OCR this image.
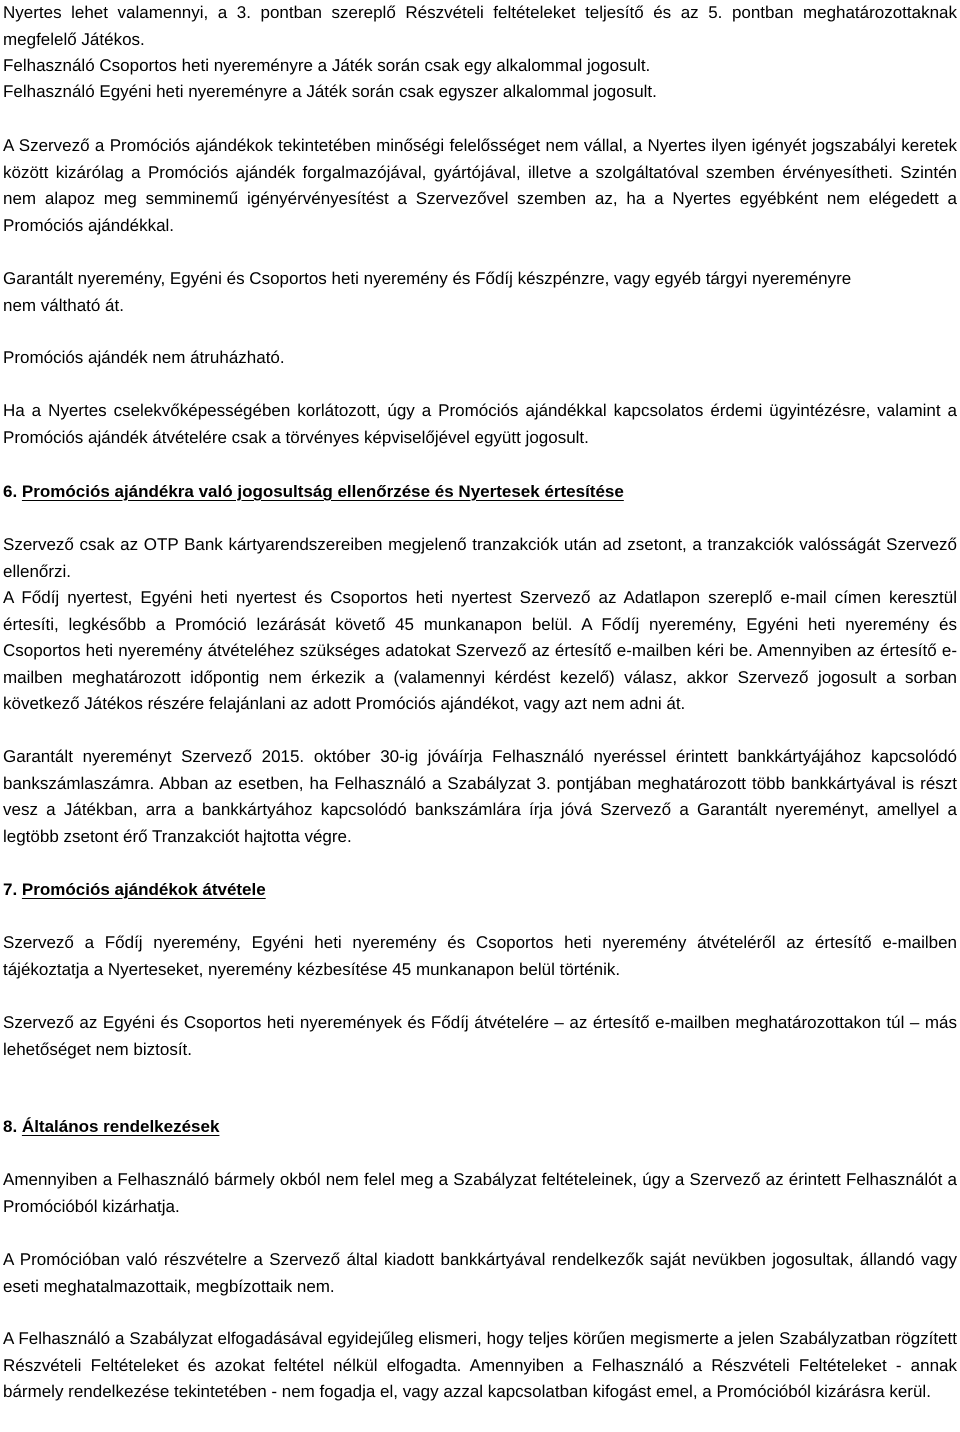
Nyertes lehet valamennyi, a 3. pontban szereplő Részvételi feltételeket teljesítő és az 5. pontban meghatározottaknak megfelelő Játékos.

Felhasználó Csoportos heti nyereményre a Játék során csak egy alkalommal jogosult.

Felhasználó Egyéni heti nyereményre a Játék során csak egyszer alkalommal jogosult.

A Szervező a Promóciós ajándékok tekintetében minőségi felelősséget nem vállal, a Nyertes ilyen igényét jogszabályi keretek között kizárólag a Promóciós ajándék forgalmazójával, gyártójával, illetve a szolgáltatóval szemben érvényesítheti. Szintén nem alapoz meg semminemű igényérvényesítést a Szervezővel szemben az, ha a Nyertes egyébként nem elégedett a Promóciós ajándékkal.

Garantált nyeremény, Egyéni és Csoportos heti nyeremény és Fődíj készpénzre, vagy egyéb tárgyi nyereményre nem váltható át.

Promóciós ajándék nem átruházható.

Ha a Nyertes cselekvőképességében korlátozott, úgy a Promóciós ajándékkal kapcsolatos érdemi ügyintézésre, valamint a Promóciós ajándék átvételére csak a törvényes képviselőjével együtt jogosult.

6. Promóciós ajándékra való jogosultság ellenőrzése és Nyertesek értesítése

Szervező csak az OTP Bank kártyarendszereiben megjelenő tranzakciók után ad zsetont, a tranzakciók valósságát Szervező ellenőrzi.

A Fődíj nyertest, Egyéni heti nyertest és Csoportos heti nyertest Szervező az Adatlapon szereplő e-mail címen keresztül értesíti, legkésőbb a Promóció lezárását követő 45 munkanapon belül. A Fődíj nyeremény, Egyéni heti nyeremény és Csoportos heti nyeremény átvételéhez szükséges adatokat Szervező az értesítő e-mailben kéri be. Amennyiben az értesítő e-mailben meghatározott időpontig nem érkezik a (valamennyi kérdést kezelő) válasz, akkor Szervező jogosult a sorban következő Játékos részére felajánlani az adott Promóciós ajándékot, vagy azt nem adni át.

Garantált nyereményt Szervező 2015. október 30-ig jóváírja Felhasználó nyeréssel érintett bankkártyájához kapcsolódó bankszámlaszámra. Abban az esetben, ha Felhasználó a Szabályzat 3. pontjában meghatározott több bankkártyával is részt vesz a Játékban, arra a bankkártyához kapcsolódó bankszámlára írja jóvá Szervező a Garantált nyereményt, amellyel a legtöbb zsetont érő Tranzakciót hajtotta végre.

7. Promóciós ajándékok átvétele

Szervező a Fődíj nyeremény, Egyéni heti nyeremény és Csoportos heti nyeremény átvételéről az értesítő e-mailben tájékoztatja a Nyerteseket, nyeremény kézbesítése 45 munkanapon belül történik.

Szervező az Egyéni és Csoportos heti nyeremények és Fődíj átvételére – az értesítő e-mailben meghatározottakon túl – más lehetőséget nem biztosít.

8. Általános rendelkezések

Amennyiben a Felhasználó bármely okból nem felel meg a Szabályzat feltételeinek, úgy a Szervező az érintett Felhasználót a Promócióból kizárhatja.

A Promócióban való részvételre a Szervező által kiadott bankkártyával rendelkezők saját nevükben jogosultak, állandó vagy eseti meghatalmazottaik, megbízottaik nem.

A Felhasználó a Szabályzat elfogadásával egyidejűleg elismeri, hogy teljes körűen megismerte a jelen Szabályzatban rögzített Részvételi Feltételeket és azokat feltétel nélkül elfogadta. Amennyiben a Felhasználó a Részvételi Feltételeket - annak bármely rendelkezése tekintetében - nem fogadja el, vagy azzal kapcsolatban kifogást emel, a Promócióból kizárásra kerül.
